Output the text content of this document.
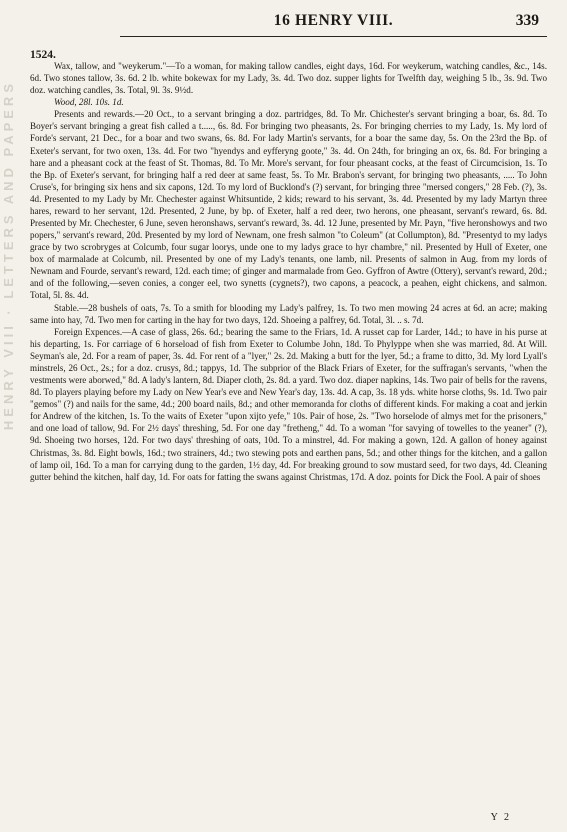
16 HENRY VIII.	339
1524.
HENRY VIII · LETTERS AND PAPERS

Wax, tallow, and "weykerum."—To a woman, for making tallow candles, eight days, 16d. For weykerum, watching candles, &c., 14s. 6d. Two stones tallow, 3s. 6d. 2 lb. white bokewax for my Lady, 3s. 4d. Two doz. supper lights for Twelfth day, weighing 5 lb., 3s. 9d. Two doz. watching candles, 3s. Total, 9l. 3s. 9½d.

Wood, 28l. 10s. 1d.

Presents and rewards.—20 Oct., to a servant bringing a doz. partridges, 8d. To Mr. Chichester's servant bringing a boar, 6s. 8d. To Boyer's servant bringing a great fish called a t....., 6s. 8d. For bringing two pheasants, 2s. For bringing cherries to my Lady, 1s. My lord of Forde's servant, 21 Dec., for a boar and two swans, 6s. 8d. For lady Martin's servants, for a boar the same day, 5s. On the 23rd the Bp. of Exeter's servant, for two oxen, 13s. 4d. For two "hyendys and eyfferyng goote," 3s. 4d. On 24th, for bringing an ox, 6s. 8d. For bringing a hare and a pheasant cock at the feast of St. Thomas, 8d. To Mr. More's servant, for four pheasant cocks, at the feast of Circumcision, 1s. To the Bp. of Exeter's servant, for bringing half a red deer at same feast, 5s. To Mr. Brabon's servant, for bringing two pheasants, ..... To John Cruse's, for bringing six hens and six capons, 12d. To my lord of Bucklond's (?) servant, for bringing three "mersed congers," 28 Feb. (?), 3s. 4d. Presented to my Lady by Mr. Chechester against Whitsuntide, 2 kids; reward to his servant, 3s. 4d. Presented by my lady Martyn three hares, reward to her servant, 12d. Presented, 2 June, by bp. of Exeter, half a red deer, two herons, one pheasant, servant's reward, 6s. 8d. Presented by Mr. Chechester, 6 June, seven heronshaws, servant's reward, 3s. 4d. 12 June, presented by Mr. Payn, "five heronshowys and two popers," servant's reward, 20d. Presented by my lord of Newnam, one fresh salmon "to Coleum" (at Collumpton), 8d. "Presentyd to my ladys grace by two scrobryges at Colcumb, four sugar loorys, unde one to my ladys grace to hyr chambre," nil. Presented by Hull of Exeter, one box of marmalade at Colcumb, nil. Presented by one of my Lady's tenants, one lamb, nil. Presents of salmon in Aug. from my lords of Newnam and Fourde, servant's reward, 12d. each time; of ginger and marmalade from Geo. Gyffron of Awtre (Ottery), servant's reward, 20d.; and of the following,—seven conies, a conger eel, two synetts (cygnets?), two capons, a peacock, a peahen, eight chickens, and salmon. Total, 5l. 8s. 4d.

Stable.—28 bushels of oats, 7s. To a smith for blooding my Lady's palfrey, 1s. To two men mowing 24 acres at 6d. an acre; making same into hay, 7d. Two men for carting in the hay for two days, 12d. Shoeing a palfrey, 6d. Total, 3l. .. s. 7d.

Foreign Expences.—A case of glass, 26s. 6d.; bearing the same to the Friars, 1d. A russet cap for Larder, 14d.; to have in his purse at his departing, 1s. For carriage of 6 horseload of fish from Exeter to Columbe John, 18d. To Phylyppe when she was married, 8d. At Will. Seyman's ale, 2d. For a ream of paper, 3s. 4d. For rent of a "lyer," 2s. 2d. Making a butt for the lyer, 5d.; a frame to ditto, 3d. My lord Lyall's minstrels, 26 Oct., 2s.; for a doz. crusys, 8d.; tappys, 1d. The subprior of the Black Friars of Exeter, for the suffragan's servants, "when the vestments were aborwed," 8d. A lady's lantern, 8d. Diaper cloth, 2s. 8d. a yard. Two doz. diaper napkins, 14s. Two pair of bells for the ravens, 8d. To players playing before my Lady on New Year's eve and New Year's day, 13s. 4d. A cap, 3s. 18 yds. white horse cloths, 9s. 1d. Two pair "gemos" (?) and nails for the same, 4d.; 200 board nails, 8d.; and other memoranda for cloths of different kinds. For making a coat and jerkin for Andrew of the kitchen, 1s. To the waits of Exeter "upon xijto yefe," 10s. Pair of hose, 2s. "Two horselode of almys met for the prisoners," and one load of tallow, 9d. For 2½ days' threshing, 5d. For one day "fretheng," 4d. To a woman "for savying of towelles to the yeaner" (?), 9d. Shoeing two horses, 12d. For two days' threshing of oats, 10d. To a minstrel, 4d. For making a gown, 12d. A gallon of honey against Christmas, 3s. 8d. Eight bowls, 16d.; two strainers, 4d.; two stewing pots and earthen pans, 5d.; and other things for the kitchen, and a gallon of lamp oil, 16d. To a man for carrying dung to the garden, 1½ day, 4d. For breaking ground to sow mustard seed, for two days, 4d. Cleaning gutter behind the kitchen, half day, 1d. For oats for fatting the swans against Christmas, 17d. A doz. points for Dick the Fool. A pair of shoes

Y 2
